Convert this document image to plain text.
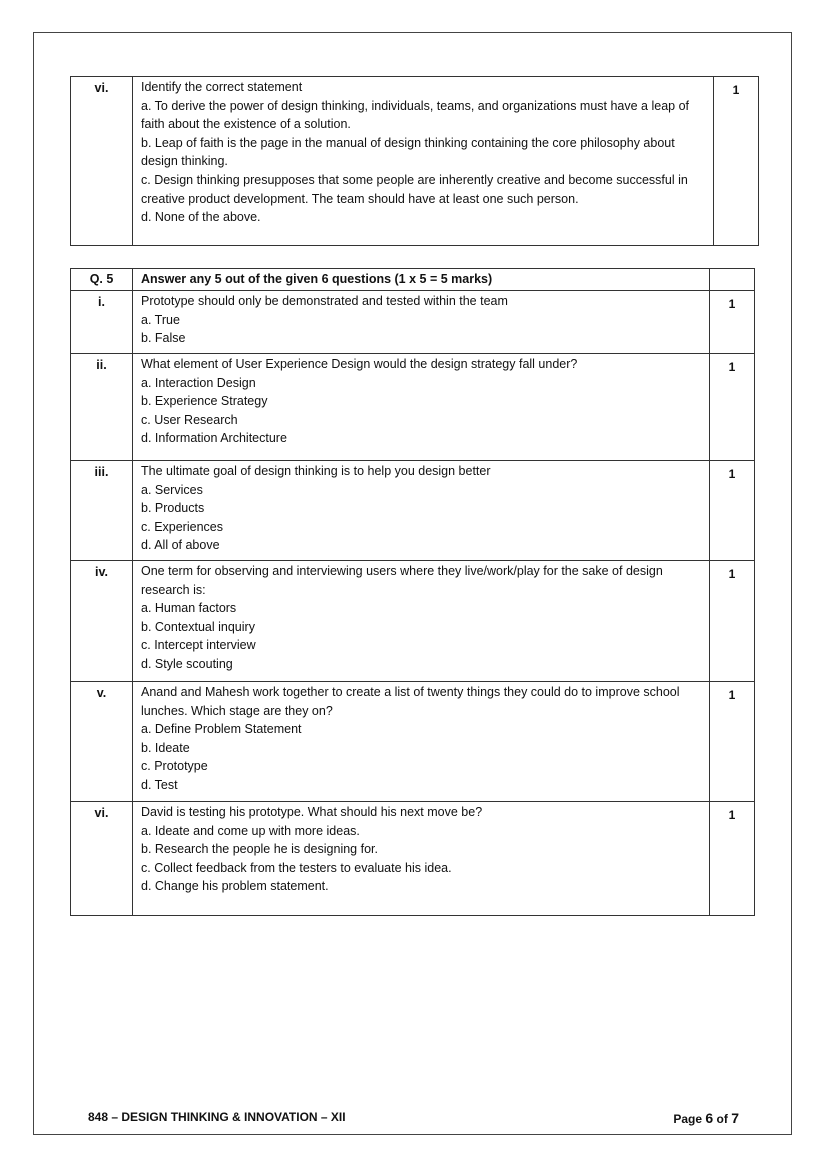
vi.	Identify the correct statement
a. To derive the power of design thinking, individuals, teams, and organizations must have a leap of faith about the existence of a solution.
b. Leap of faith is the page in the manual of design thinking containing the core philosophy about design thinking.
c. Design thinking presupposes that some people are inherently creative and become successful in creative product development. The team should have at least one such person.
d. None of the above.
	1
Q. 5	Answer any 5 out of the given 6 questions (1 x 5 = 5 marks)	
i.	Prototype should only be demonstrated and tested within the team
a. True
b. False	1
ii.	What element of User Experience Design would the design strategy fall under?
a. Interaction Design
b. Experience Strategy
c. User Research
d. Information Architecture	1
iii.	The ultimate goal of design thinking is to help you design better
a. Services
b. Products
c. Experiences
d. All of above	1
iv.	One term for observing and interviewing users where they live/work/play for the sake of design research is:
a. Human factors
b. Contextual inquiry
c. Intercept interview
d. Style scouting	1
v.	Anand and Mahesh work together to create a list of twenty things they could do to improve school lunches. Which stage are they on?
a. Define Problem Statement
b. Ideate
c. Prototype
d. Test	1
vi.	David is testing his prototype. What should his next move be?
a. Ideate and come up with more ideas.
b. Research the people he is designing for.
c. Collect feedback from the testers to evaluate his idea.
d. Change his problem statement.	1
848 – DESIGN THINKING & INNOVATION – XII	Page 6 of 7
